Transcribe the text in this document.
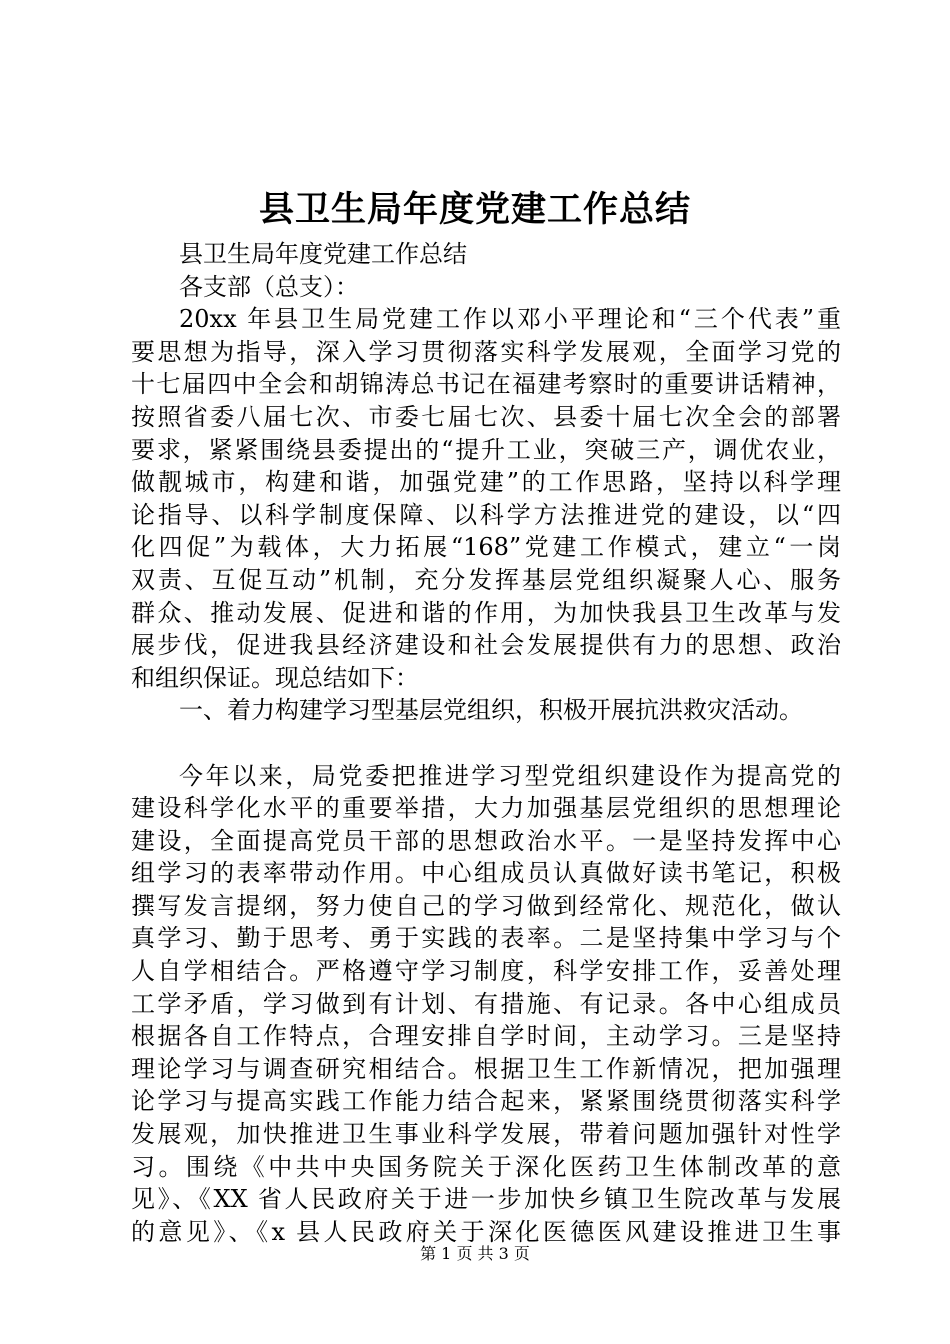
县卫生局年度党建工作总结
县卫生局年度党建工作总结
各支部（总支）：
20xx 年县卫生局党建工作以邓小平理论和“三个代表”重
要思想为指导，深入学习贯彻落实科学发展观，全面学习党的
十七届四中全会和胡锦涛总书记在福建考察时的重要讲话精神，
按照省委八届七次、市委七届七次、县委十届七次全会的部署
要求，紧紧围绕县委提出的“提升工业，突破三产，调优农业，
做靓城市，构建和谐，加强党建”的工作思路，坚持以科学理
论指导、以科学制度保障、以科学方法推进党的建设，以“四
化四促”为载体，大力拓展“168”党建工作模式，建立“一岗
双责、互促互动”机制，充分发挥基层党组织凝聚人心、服务
群众、推动发展、促进和谐的作用，为加快我县卫生改革与发
展步伐，促进我县经济建设和社会发展提供有力的思想、政治
和组织保证。现总结如下：
一、着力构建学习型基层党组织，积极开展抗洪救灾活动。
今年以来，局党委把推进学习型党组织建设作为提高党的
建设科学化水平的重要举措，大力加强基层党组织的思想理论
建设，全面提高党员干部的思想政治水平。一是坚持发挥中心
组学习的表率带动作用。中心组成员认真做好读书笔记，积极
撰写发言提纲，努力使自己的学习做到经常化、规范化，做认
真学习、勤于思考、勇于实践的表率。二是坚持集中学习与个
人自学相结合。严格遵守学习制度，科学安排工作，妥善处理
工学矛盾，学习做到有计划、有措施、有记录。各中心组成员
根据各自工作特点，合理安排自学时间，主动学习。三是坚持
理论学习与调查研究相结合。根据卫生工作新情况，把加强理
论学习与提高实践工作能力结合起来，紧紧围绕贯彻落实科学
发展观，加快推进卫生事业科学发展，带着问题加强针对性学
习。围绕《中共中央国务院关于深化医药卫生体制改革的意
见》、《XX 省人民政府关于进一步加快乡镇卫生院改革与发展
的意见》、《x 县人民政府关于深化医德医风建设推进卫生事
第 1 页 共 3 页
